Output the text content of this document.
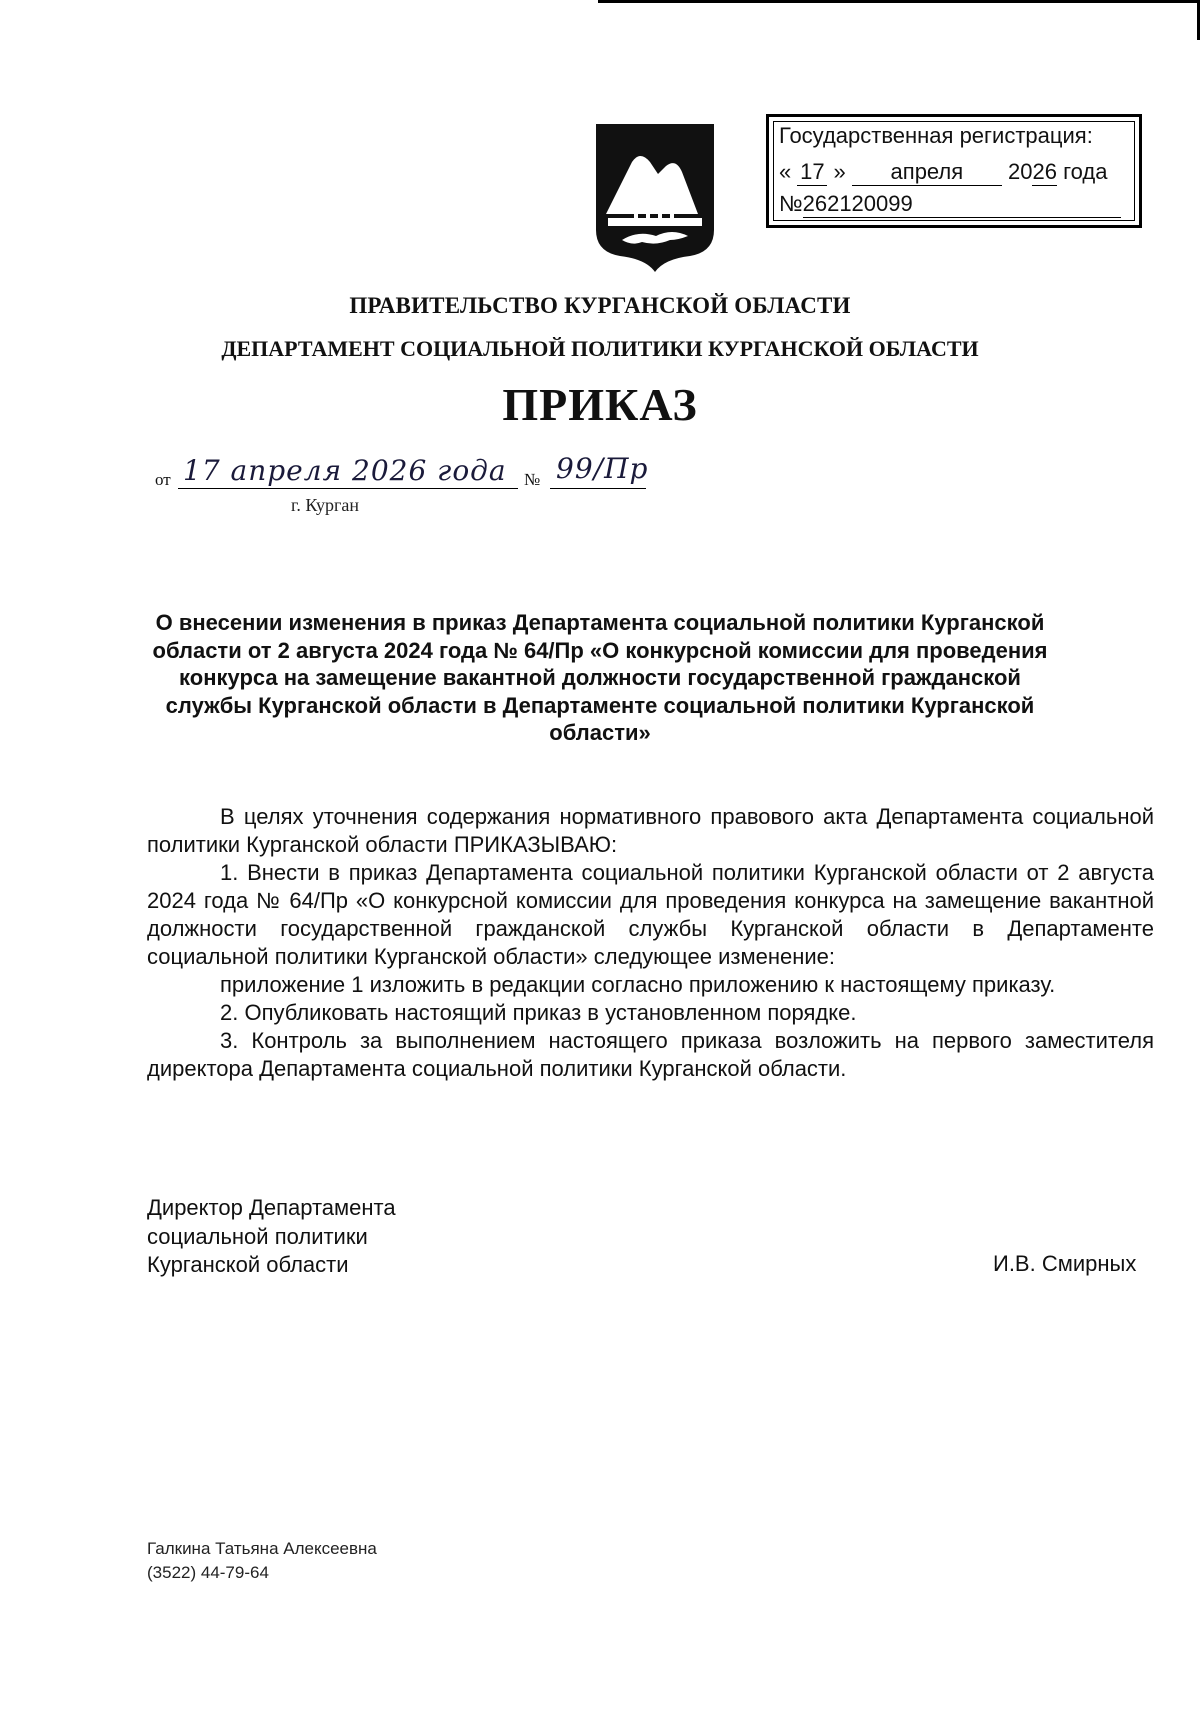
Государственная регистрация:
« 17 » апреля 2026 года
№262120099
ПРАВИТЕЛЬСТВО КУРГАНСКОЙ ОБЛАСТИ
ДЕПАРТАМЕНТ СОЦИАЛЬНОЙ ПОЛИТИКИ КУРГАНСКОЙ ОБЛАСТИ
ПРИКАЗ
от 17 апреля 2026 года № 99/Пр
г. Курган
О внесении изменения в приказ Департамента социальной политики Курганской области от 2 августа 2024 года № 64/Пр «О конкурсной комиссии для проведения конкурса на замещение вакантной должности государственной гражданской службы Курганской области в Департаменте социальной политики Курганской области»

В целях уточнения содержания нормативного правового акта Департамента социальной политики Курганской области ПРИКАЗЫВАЮ:

1. Внести в приказ Департамента социальной политики Курганской области от 2 августа 2024 года № 64/Пр «О конкурсной комиссии для проведения конкурса на замещение вакантной должности государственной гражданской службы Курганской области в Департаменте социальной политики Курганской области» следующее изменение:

приложение 1 изложить в редакции согласно приложению к настоящему приказу.

2. Опубликовать настоящий приказ в установленном порядке.

3. Контроль за выполнением настоящего приказа возложить на первого заместителя директора Департамента социальной политики Курганской области.

Директор Департамента
социальной политики
Курганской области	И.В. Смирных
Галкина Татьяна Алексеевна
(3522) 44-79-64
